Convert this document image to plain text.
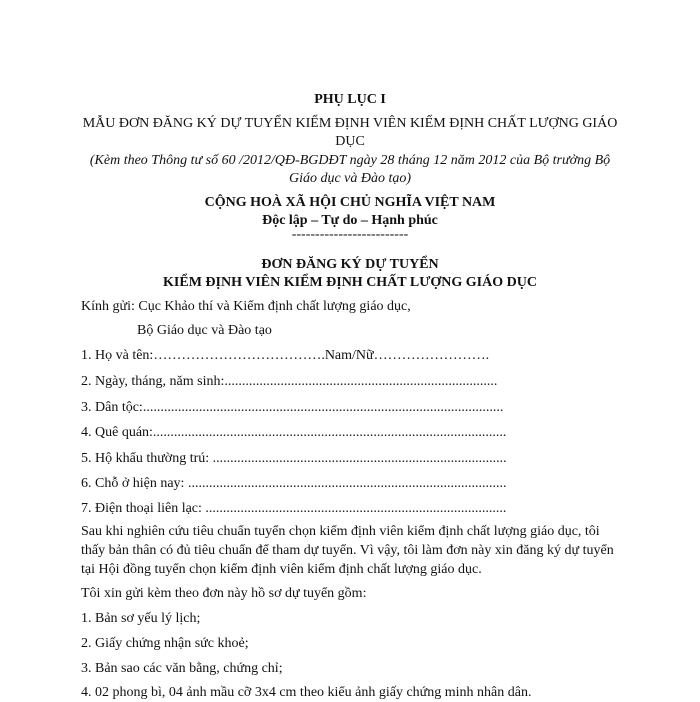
PHỤ LỤC I
MẪU ĐƠN ĐĂNG KÝ DỰ TUYỂN KIỂM ĐỊNH VIÊN KIỂM ĐỊNH CHẤT LƯỢNG GIÁO
DỤC
(Kèm theo Thông tư số 60 /2012/QĐ-BGDĐT ngày 28 tháng 12 năm 2012 của Bộ trưởng Bộ
Giáo dục và Đào tạo)
CỘNG HOÀ XÃ HỘI CHỦ NGHĨA VIỆT NAM
Độc lập – Tự do – Hạnh phúc
-------------------------
ĐƠN ĐĂNG KÝ DỰ TUYỂN
KIỂM ĐỊNH VIÊN KIỂM ĐỊNH CHẤT LƯỢNG GIÁO DỤC
Kính gửi: Cục Khảo thí và Kiểm định chất lượng giáo dục,
Bộ Giáo dục và Đào tạo
1. Họ và tên:……………………………….Nam/Nữ…………………….
2. Ngày, tháng, năm sinh:..............................................................................
3. Dân tộc:.......................................................................................................
4. Quê quán:.....................................................................................................
5. Hộ khẩu thường trú: ....................................................................................
6. Chỗ ở hiện nay: ...........................................................................................
7. Điện thoại liên lạc: ......................................................................................
Sau khi nghiên cứu tiêu chuẩn tuyển chọn kiểm định viên kiểm định chất lượng giáo dục, tôi
thấy bản thân có đủ tiêu chuẩn để tham dự tuyển. Vì vậy, tôi làm đơn này xin đăng ký dự tuyển
tại Hội đồng tuyển chọn kiểm định viên kiểm định chất lượng giáo dục.
Tôi xin gửi kèm theo đơn này hồ sơ dự tuyển gồm:
1. Bản sơ yếu lý lịch;
2. Giấy chứng nhận sức khoẻ;
3. Bản sao các văn bằng, chứng chỉ;
4. 02 phong bì, 04 ảnh mầu cỡ 3x4 cm theo kiểu ảnh giấy chứng minh nhân dân.
